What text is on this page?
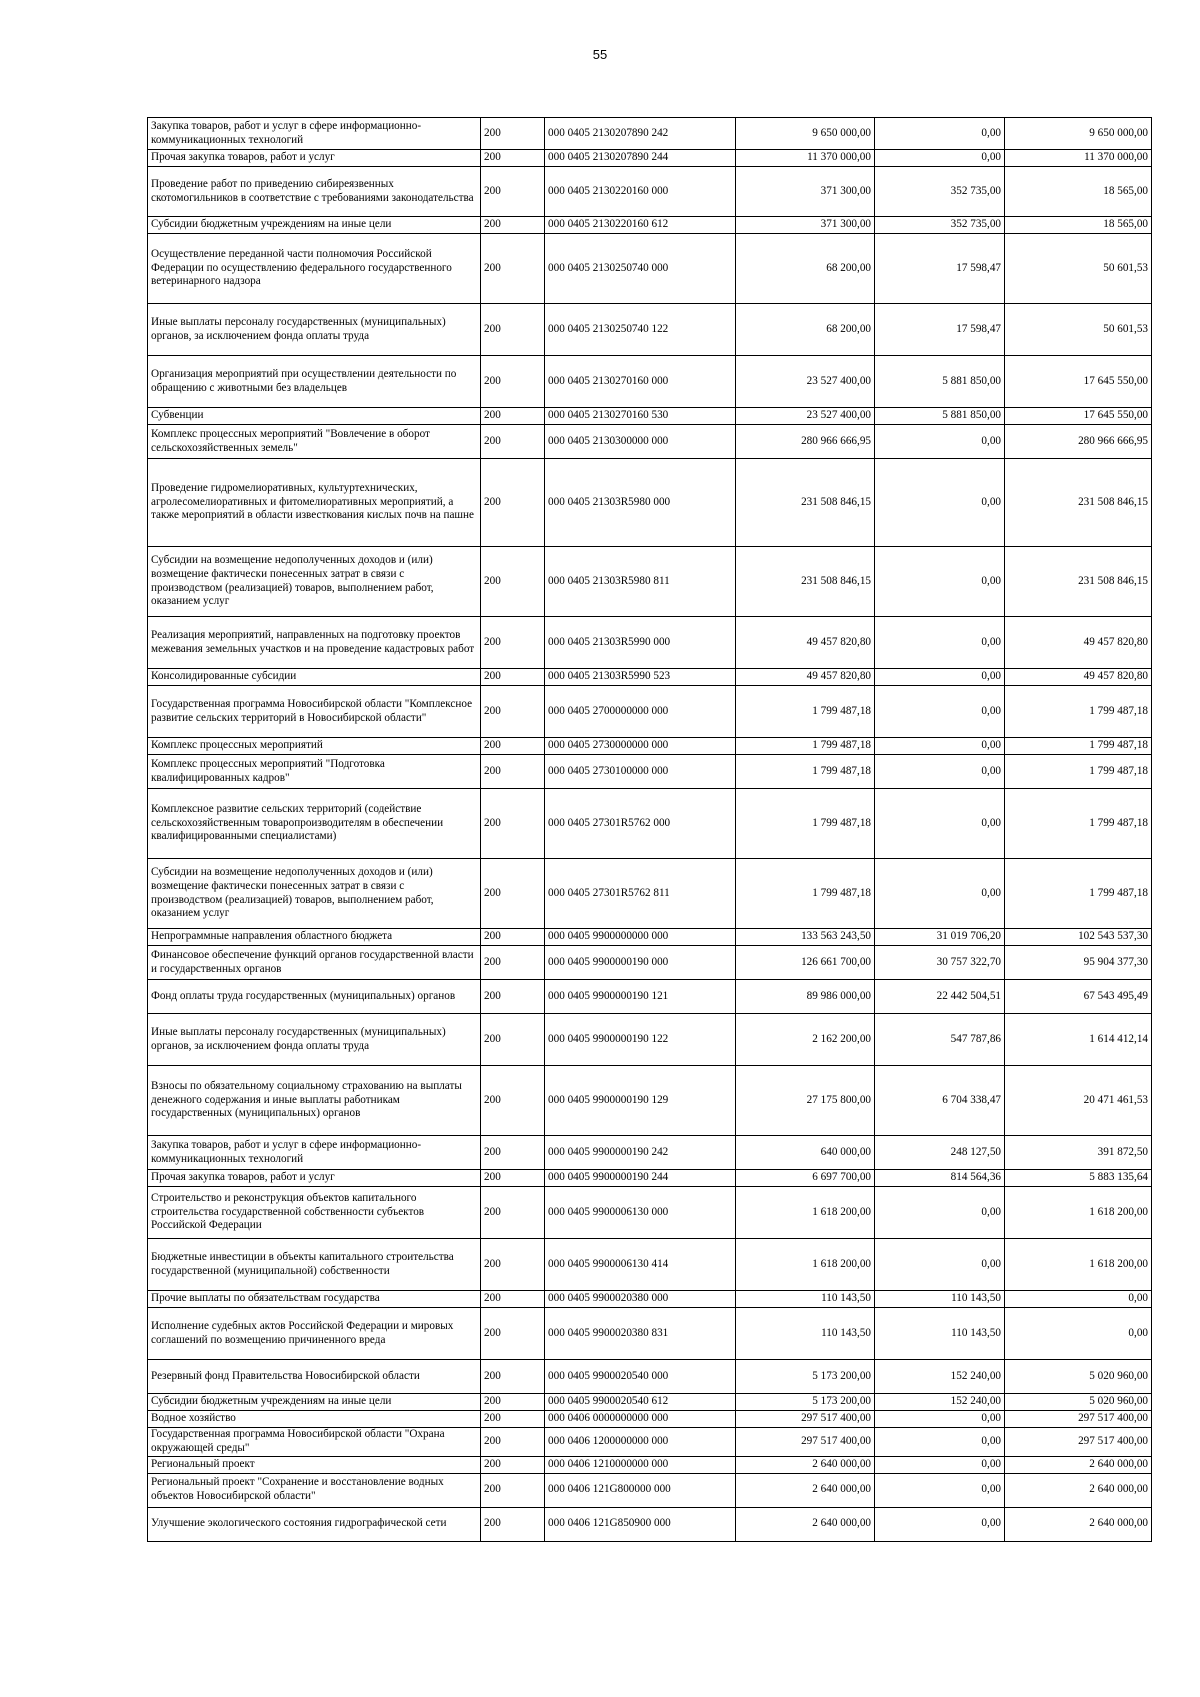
55
Закупка товаров, работ и услуг в сфере информационно-коммуникационных технологий	200	000 0405 2130207890 242	9 650 000,00	0,00	9 650 000,00
Прочая закупка товаров, работ и услуг	200	000 0405 2130207890 244	11 370 000,00	0,00	11 370 000,00
Проведение работ по приведению сибиреязвенных скотомогильников в соответствие с требованиями законодательства	200	000 0405 2130220160 000	371 300,00	352 735,00	18 565,00
Субсидии бюджетным учреждениям на иные цели	200	000 0405 2130220160 612	371 300,00	352 735,00	18 565,00
Осуществление переданной части полномочия Российской Федерации по осуществлению федерального государственного ветеринарного надзора	200	000 0405 2130250740 000	68 200,00	17 598,47	50 601,53
Иные выплаты персоналу государственных (муниципальных) органов, за исключением фонда оплаты труда	200	000 0405 2130250740 122	68 200,00	17 598,47	50 601,53
Организация мероприятий при осуществлении деятельности по обращению с животными без владельцев	200	000 0405 2130270160 000	23 527 400,00	5 881 850,00	17 645 550,00
Субвенции	200	000 0405 2130270160 530	23 527 400,00	5 881 850,00	17 645 550,00
Комплекс процессных мероприятий "Вовлечение в оборот сельскохозяйственных земель"	200	000 0405 2130300000 000	280 966 666,95	0,00	280 966 666,95
Проведение гидромелиоративных, культуртехнических, агролесомелиоративных и фитомелиоративных мероприятий, а также мероприятий в области известкования кислых почв на пашне	200	000 0405 21303R5980 000	231 508 846,15	0,00	231 508 846,15
Субсидии на возмещение недополученных доходов и (или) возмещение фактически понесенных затрат в связи с производством (реализацией) товаров, выполнением работ, оказанием услуг	200	000 0405 21303R5980 811	231 508 846,15	0,00	231 508 846,15
Реализация мероприятий, направленных на подготовку проектов межевания земельных участков и на проведение кадастровых работ	200	000 0405 21303R5990 000	49 457 820,80	0,00	49 457 820,80
Консолидированные субсидии	200	000 0405 21303R5990 523	49 457 820,80	0,00	49 457 820,80
Государственная программа Новосибирской области "Комплексное развитие сельских территорий в Новосибирской области"	200	000 0405 2700000000 000	1 799 487,18	0,00	1 799 487,18
Комплекс процессных мероприятий	200	000 0405 2730000000 000	1 799 487,18	0,00	1 799 487,18
Комплекс процессных мероприятий "Подготовка квалифицированных кадров"	200	000 0405 2730100000 000	1 799 487,18	0,00	1 799 487,18
Комплексное развитие сельских территорий (содействие сельскохозяйственным товаропроизводителям в обеспечении квалифицированными специалистами)	200	000 0405 27301R5762 000	1 799 487,18	0,00	1 799 487,18
Субсидии на возмещение недополученных доходов и (или) возмещение фактически понесенных затрат в связи с производством (реализацией) товаров, выполнением работ, оказанием услуг	200	000 0405 27301R5762 811	1 799 487,18	0,00	1 799 487,18
Непрограммные направления областного бюджета	200	000 0405 9900000000 000	133 563 243,50	31 019 706,20	102 543 537,30
Финансовое обеспечение функций органов государственной власти и государственных органов	200	000 0405 9900000190 000	126 661 700,00	30 757 322,70	95 904 377,30
Фонд оплаты труда государственных (муниципальных) органов	200	000 0405 9900000190 121	89 986 000,00	22 442 504,51	67 543 495,49
Иные выплаты персоналу государственных (муниципальных) органов, за исключением фонда оплаты труда	200	000 0405 9900000190 122	2 162 200,00	547 787,86	1 614 412,14
Взносы по обязательному социальному страхованию на выплаты денежного содержания и иные выплаты работникам государственных (муниципальных) органов	200	000 0405 9900000190 129	27 175 800,00	6 704 338,47	20 471 461,53
Закупка товаров, работ и услуг в сфере информационно-коммуникационных технологий	200	000 0405 9900000190 242	640 000,00	248 127,50	391 872,50
Прочая закупка товаров, работ и услуг	200	000 0405 9900000190 244	6 697 700,00	814 564,36	5 883 135,64
Строительство и реконструкция объектов капитального строительства государственной собственности субъектов Российской Федерации	200	000 0405 9900006130 000	1 618 200,00	0,00	1 618 200,00
Бюджетные инвестиции в объекты капитального строительства государственной (муниципальной) собственности	200	000 0405 9900006130 414	1 618 200,00	0,00	1 618 200,00
Прочие выплаты по обязательствам государства	200	000 0405 9900020380 000	110 143,50	110 143,50	0,00
Исполнение судебных актов Российской Федерации и мировых соглашений по возмещению причиненного вреда	200	000 0405 9900020380 831	110 143,50	110 143,50	0,00
Резервный фонд Правительства Новосибирской области	200	000 0405 9900020540 000	5 173 200,00	152 240,00	5 020 960,00
Субсидии бюджетным учреждениям на иные цели	200	000 0405 9900020540 612	5 173 200,00	152 240,00	5 020 960,00
Водное хозяйство	200	000 0406 0000000000 000	297 517 400,00	0,00	297 517 400,00
Государственная программа Новосибирской области "Охрана окружающей среды"	200	000 0406 1200000000 000	297 517 400,00	0,00	297 517 400,00
Региональный проект	200	000 0406 1210000000 000	2 640 000,00	0,00	2 640 000,00
Региональный проект "Сохранение и восстановление водных объектов Новосибирской области"	200	000 0406 121G800000 000	2 640 000,00	0,00	2 640 000,00
Улучшение экологического состояния гидрографической сети	200	000 0406 121G850900 000	2 640 000,00	0,00	2 640 000,00
